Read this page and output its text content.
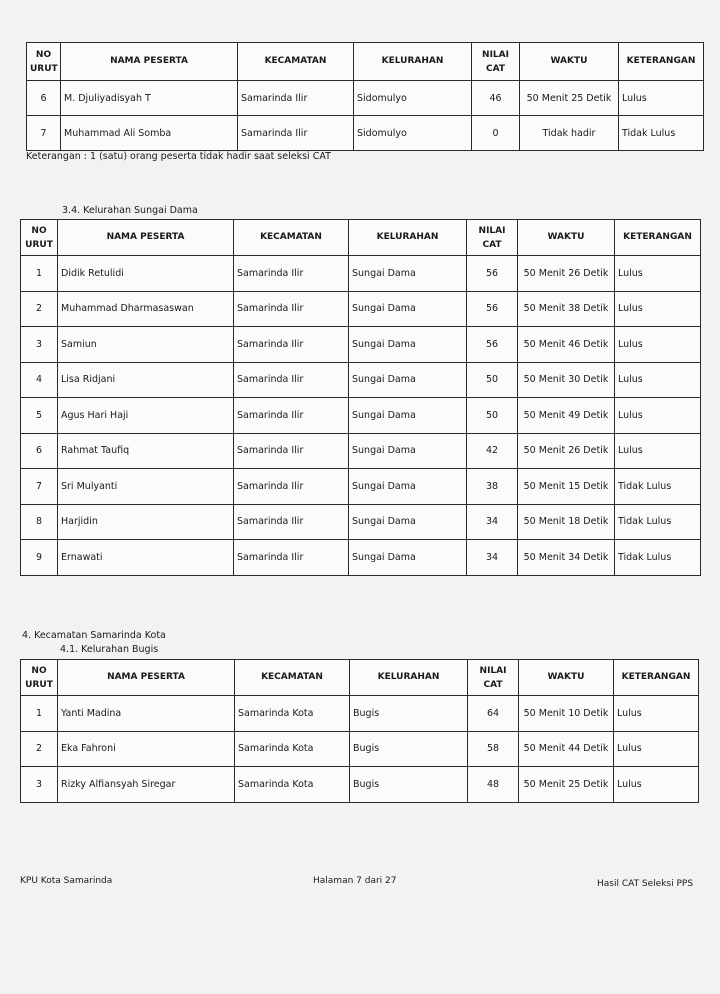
NO URUT	NAMA PESERTA	KECAMATAN	KELURAHAN	NILAI CAT	WAKTU	KETERANGAN
6	M. Djuliyadisyah T	Samarinda Ilir	Sidomulyo	46	50 Menit 25 Detik	Lulus
7	Muhammad Ali Somba	Samarinda Ilir	Sidomulyo	0	Tidak hadir	Tidak Lulus
Keterangan : 1 (satu) orang peserta tidak hadir saat seleksi CAT
3.4. Kelurahan Sungai Dama
NO URUT	NAMA PESERTA	KECAMATAN	KELURAHAN	NILAI CAT	WAKTU	KETERANGAN
1	Didik Retulidi	Samarinda Ilir	Sungai Dama	56	50 Menit 26 Detik	Lulus
2	Muhammad Dharmasaswan	Samarinda Ilir	Sungai Dama	56	50 Menit 38 Detik	Lulus
3	Samiun	Samarinda Ilir	Sungai Dama	56	50 Menit 46 Detik	Lulus
4	Lisa Ridjani	Samarinda Ilir	Sungai Dama	50	50 Menit 30 Detik	Lulus
5	Agus Hari Haji	Samarinda Ilir	Sungai Dama	50	50 Menit 49 Detik	Lulus
6	Rahmat Taufiq	Samarinda Ilir	Sungai Dama	42	50 Menit 26 Detik	Lulus
7	Sri Mulyanti	Samarinda Ilir	Sungai Dama	38	50 Menit 15 Detik	Tidak Lulus
8	Harjidin	Samarinda Ilir	Sungai Dama	34	50 Menit 18 Detik	Tidak Lulus
9	Ernawati	Samarinda Ilir	Sungai Dama	34	50 Menit 34 Detik	Tidak Lulus
4. Kecamatan Samarinda Kota
4.1. Kelurahan Bugis
NO URUT	NAMA PESERTA	KECAMATAN	KELURAHAN	NILAI CAT	WAKTU	KETERANGAN
1	Yanti Madina	Samarinda Kota	Bugis	64	50 Menit 10 Detik	Lulus
2	Eka Fahroni	Samarinda Kota	Bugis	58	50 Menit 44 Detik	Lulus
3	Rizky Alfiansyah Siregar	Samarinda Kota	Bugis	48	50 Menit 25 Detik	Lulus
KPU Kota Samarinda	Halaman 7 dari 27	Hasil CAT Seleksi PPS
